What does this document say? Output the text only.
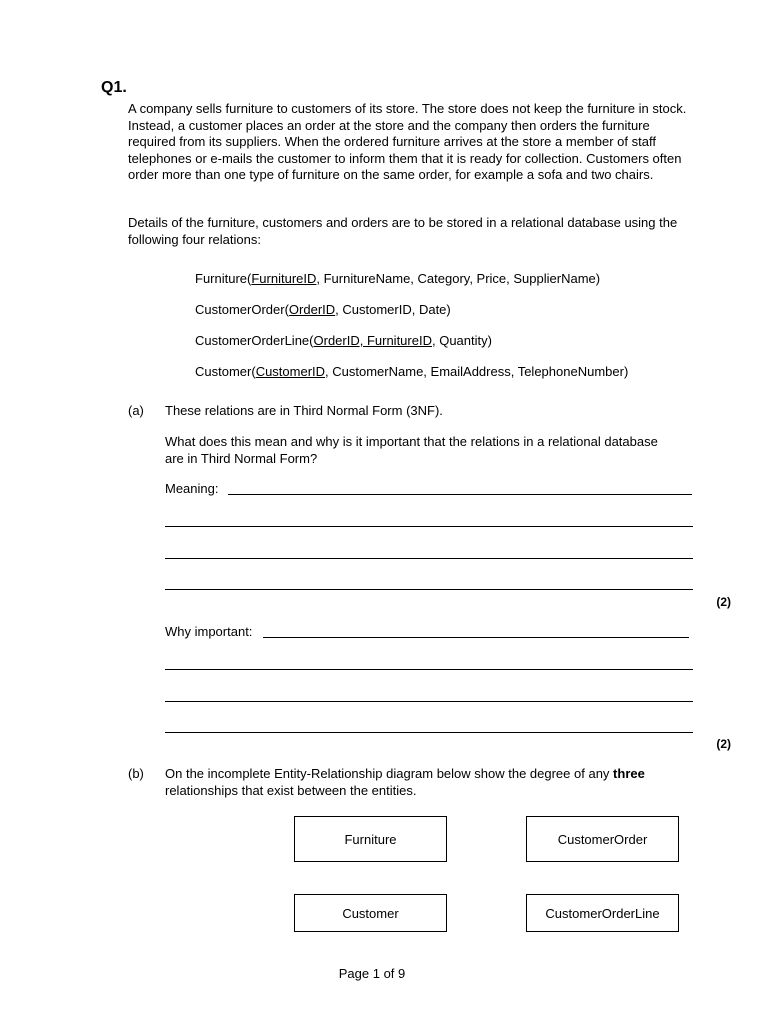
Q1.
A company sells furniture to customers of its store. The store does not keep the furniture in stock. Instead, a customer places an order at the store and the company then orders the furniture required from its suppliers. When the ordered furniture arrives at the store a member of staff telephones or e-mails the customer to inform them that it is ready for collection. Customers often order more than one type of furniture on the same order, for example a sofa and two chairs.
Details of the furniture, customers and orders are to be stored in a relational database using the following four relations:
Furniture(FurnitureID, FurnitureName, Category, Price, SupplierName)
CustomerOrder(OrderID, CustomerID, Date)
CustomerOrderLine(OrderID, FurnitureID, Quantity)
Customer(CustomerID, CustomerName, EmailAddress, TelephoneNumber)
(a) These relations are in Third Normal Form (3NF).
What does this mean and why is it important that the relations in a relational database are in Third Normal Form?
Meaning:
(2)
Why important:
(2)
(b) On the incomplete Entity-Relationship diagram below show the degree of any three relationships that exist between the entities.
Furniture	CustomerOrder
Customer	CustomerOrderLine
Page 1 of 9
